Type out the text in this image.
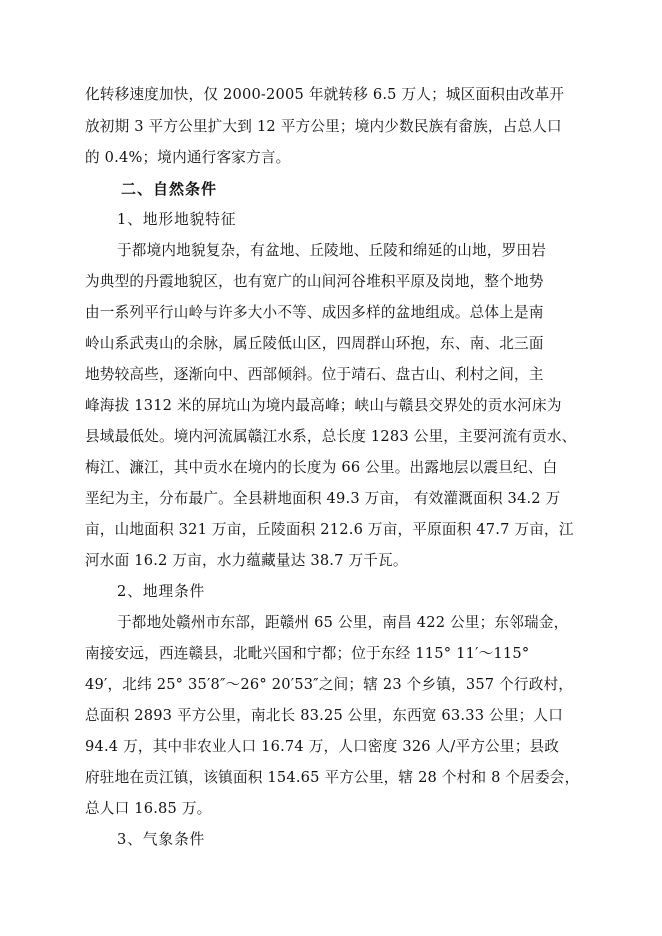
化转移速度加快，仅 2000-2005 年就转移 6.5 万人；城区面积由改革开
放初期 3 平方公里扩大到 12 平方公里；境内少数民族有畲族，占总人口
的 0.4%；境内通行客家方言。
二、自然条件
1、地形地貌特征
于都境内地貌复杂，有盆地、丘陵地、丘陵和绵延的山地，罗田岩
为典型的丹霞地貌区，也有宽广的山间河谷堆积平原及岗地，整个地势
由一系列平行山岭与许多大小不等、成因多样的盆地组成。总体上是南
岭山系武夷山的余脉，属丘陵低山区，四周群山环抱，东、南、北三面
地势较高些，逐渐向中、西部倾斜。位于靖石、盘古山、利村之间，主
峰海拔 1312 米的屏坑山为境内最高峰；峡山与赣县交界处的贡水河床为
县域最低处。境内河流属赣江水系，总长度 1283 公里，主要河流有贡水、
梅江、濂江，其中贡水在境内的长度为 66 公里。出露地层以震旦纪、白
垩纪为主，分布最广。全县耕地面积 49.3 万亩， 有效灌溉面积 34.2 万
亩，山地面积 321 万亩，丘陵面积 212.6 万亩，平原面积 47.7 万亩，江
河水面 16.2 万亩，水力蕴藏量达 38.7 万千瓦。
2、地理条件
于都地处赣州市东部，距赣州 65 公里，南昌 422 公里；东邻瑞金，
南接安远，西连赣县，北毗兴国和宁都；位于东经 115° 11′～115°
49′，北纬 25° 35′8″～26° 20′53″之间；辖 23 个乡镇，357 个行政村，
总面积 2893 平方公里，南北长 83.25 公里，东西宽 63.33 公里；人口
94.4 万，其中非农业人口 16.74 万，人口密度 326 人/平方公里；县政
府驻地在贡江镇，该镇面积 154.65 平方公里，辖 28 个村和 8 个居委会，
总人口 16.85 万。
3、气象条件
